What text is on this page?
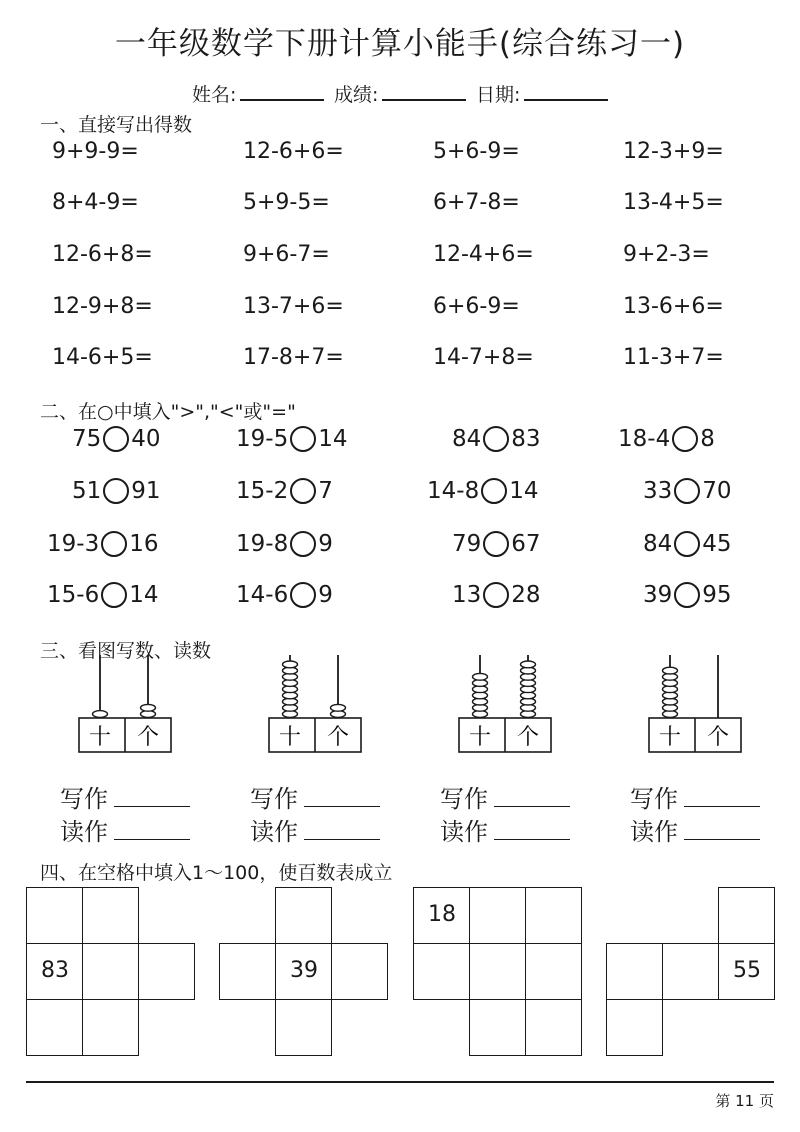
一年级数学下册计算小能手(综合练习一)
姓名:	成绩:	日期:
一、直接写出得数
9+9-9=	12-6+6=	5+6-9=	12-3+9=
8+4-9=	5+9-5=	6+7-8=	13-4+5=
12-6+8=	9+6-7=	12-4+6=	9+2-3=
12-9+8=	13-7+6=	6+6-9=	13-6+6=
14-6+5=	17-8+7=	14-7+8=	11-3+7=
二、在○中填入">","<"或"="
75 40	19-5 14	84 83	18-4 8
51 91	15-2 7	14-8 14	33 70
19-3 16	19-8 9	79 67	84 45
15-6 14	14-6 9	13 28	39 95
三、看图写数、读数
十 个
写作
读作
十 个
写作
读作
十 个
写作
读作
十 个
写作
读作
四、在空格中填入1～100，使百数表成立
83	39
18
55
第 11 页
